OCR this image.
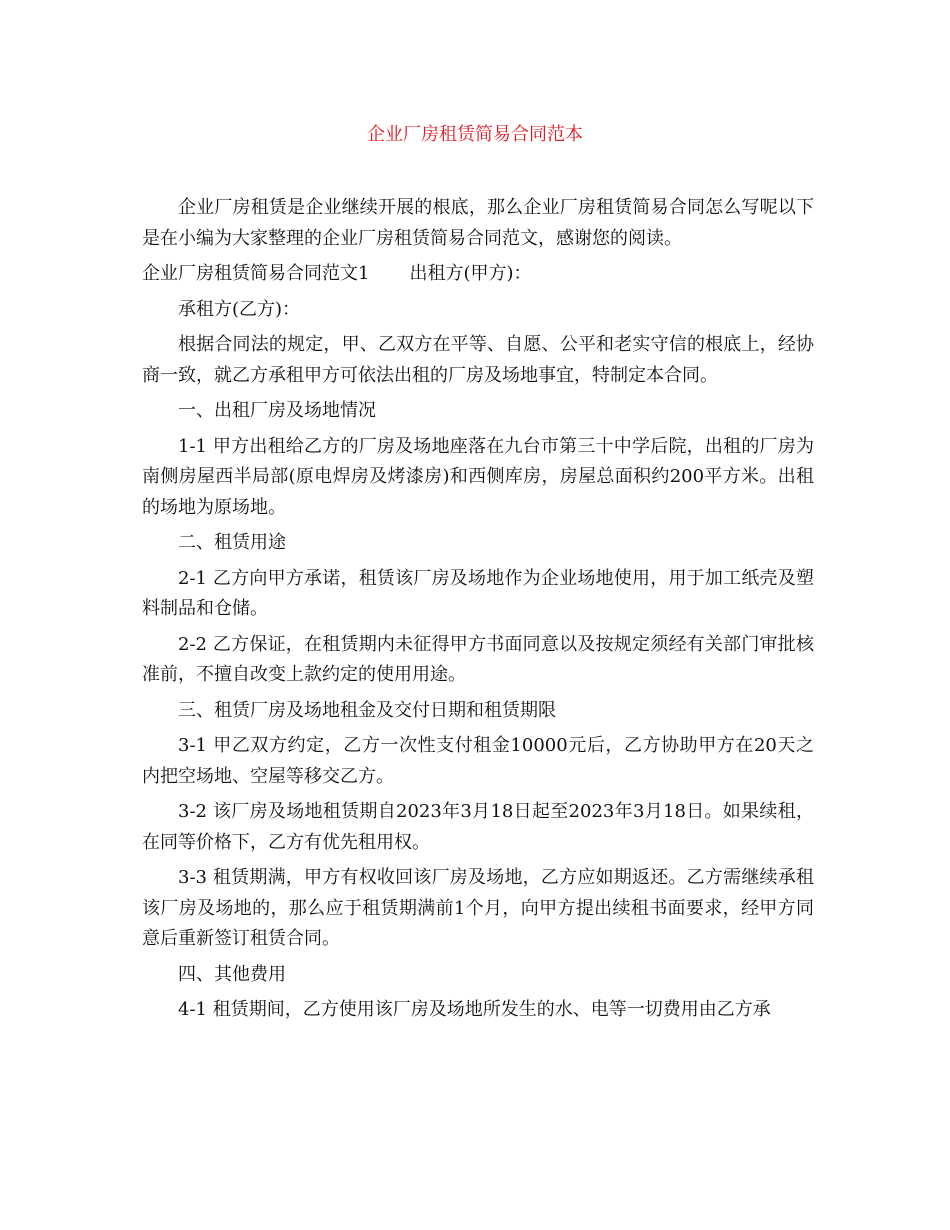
企业厂房租赁简易合同范本

企业厂房租赁是企业继续开展的根底，那么企业厂房租赁简易合同怎么写呢以下是在小编为大家整理的企业厂房租赁简易合同范文，感谢您的阅读。

企业厂房租赁简易合同范文1 出租方(甲方)：

承租方(乙方)：

根据合同法的规定，甲、乙双方在平等、自愿、公平和老实守信的根底上，经协商一致，就乙方承租甲方可依法出租的厂房及场地事宜，特制定本合同。

一、出租厂房及场地情况

1-1 甲方出租给乙方的厂房及场地座落在九台市第三十中学后院，出租的厂房为南侧房屋西半局部(原电焊房及烤漆房)和西侧库房，房屋总面积约200平方米。出租的场地为原场地。

二、租赁用途

2-1 乙方向甲方承诺，租赁该厂房及场地作为企业场地使用，用于加工纸壳及塑料制品和仓储。

2-2 乙方保证，在租赁期内未征得甲方书面同意以及按规定须经有关部门审批核准前，不擅自改变上款约定的使用用途。

三、租赁厂房及场地租金及交付日期和租赁期限

3-1 甲乙双方约定，乙方一次性支付租金10000元后，乙方协助甲方在20天之内把空场地、空屋等移交乙方。

3-2 该厂房及场地租赁期自2023年3月18日起至2023年3月18日。如果续租，在同等价格下，乙方有优先租用权。

3-3 租赁期满，甲方有权收回该厂房及场地，乙方应如期返还。乙方需继续承租该厂房及场地的，那么应于租赁期满前1个月，向甲方提出续租书面要求，经甲方同意后重新签订租赁合同。

四、其他费用

4-1 租赁期间，乙方使用该厂房及场地所发生的水、电等一切费用由乙方承
